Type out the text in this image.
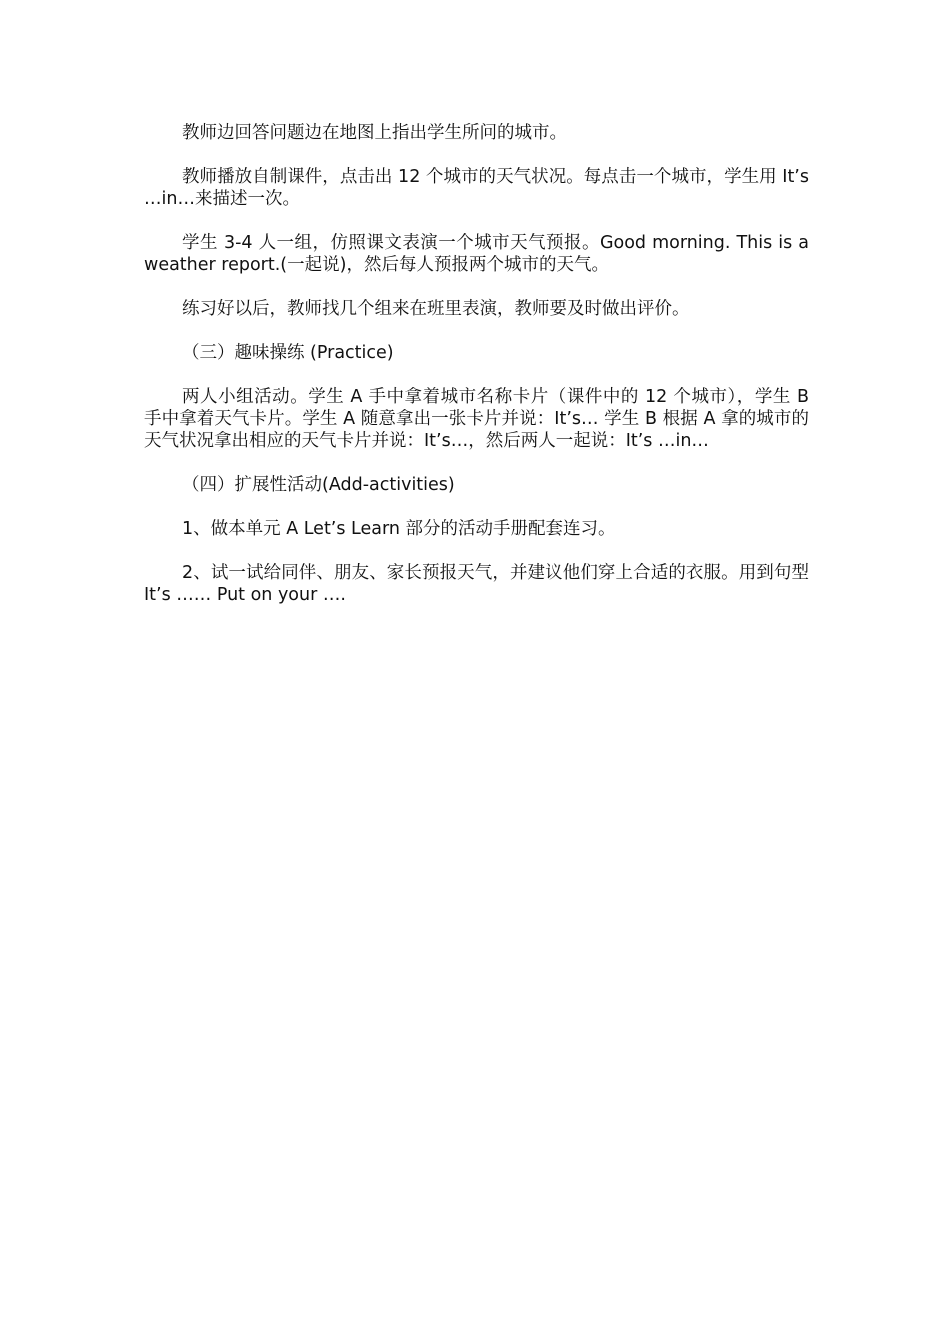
教师边回答问题边在地图上指出学生所问的城市。

教师播放自制课件，点击出 12 个城市的天气状况。每点击一个城市，学生用 It’s …in…来描述一次。

学生 3-4 人一组，仿照课文表演一个城市天气预报。Good morning. This is a weather report.(一起说)，然后每人预报两个城市的天气。

练习好以后，教师找几个组来在班里表演，教师要及时做出评价。

（三）趣味操练 (Practice)

两人小组活动。学生 A 手中拿着城市名称卡片（课件中的 12 个城市），学生 B 手中拿着天气卡片。学生 A 随意拿出一张卡片并说：It’s… 学生 B 根据 A 拿的城市的天气状况拿出相应的天气卡片并说：It’s…，然后两人一起说：It’s …in…

（四）扩展性活动(Add-activities)

1、做本单元 A Let’s Learn 部分的活动手册配套连习。

2、试一试给同伴、朋友、家长预报天气，并建议他们穿上合适的衣服。用到句型 It’s …… Put on your ….
